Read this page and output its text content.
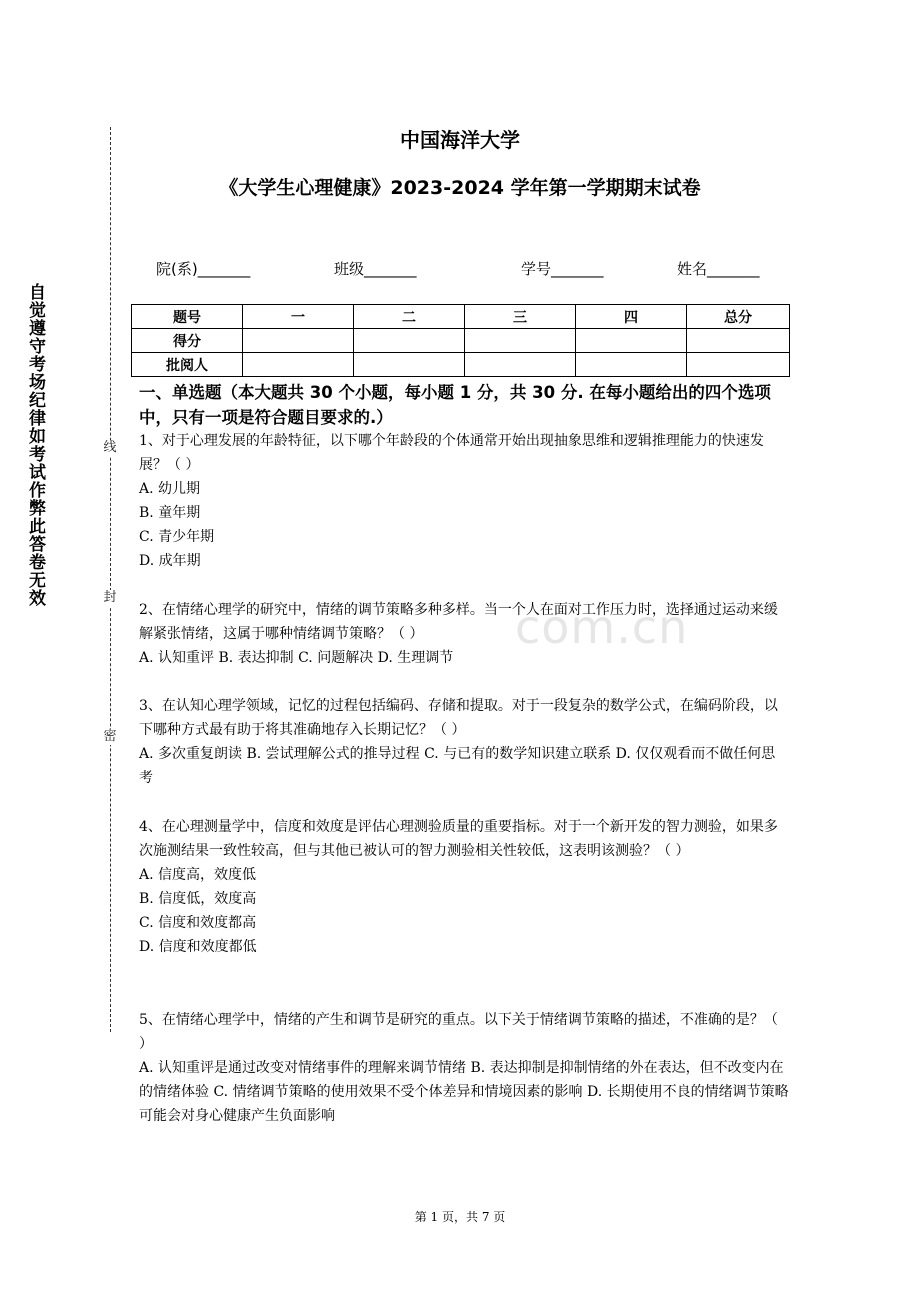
自觉遵守考场纪律如考试作弊此答卷无效	线
封
密
com.cn
中国海洋大学
《大学生心理健康》2023-2024 学年第一学期期末试卷
院(系)_______	班级_______	学号_______	姓名_______
题号	一	二	三	四	总分
得分					
批阅人					
一、单选题（本大题共 30 个小题，每小题 1 分，共 30 分. 在每小题给出的四个选项中，只有一项是符合题目要求的.）

1、对于心理发展的年龄特征，以下哪个年龄段的个体通常开始出现抽象思维和逻辑推理能力的快速发展？（ ）

A. 幼儿期

B. 童年期

C. 青少年期

D. 成年期

2、在情绪心理学的研究中，情绪的调节策略多种多样。当一个人在面对工作压力时，选择通过运动来缓解紧张情绪，这属于哪种情绪调节策略？（ ）

A. 认知重评 B. 表达抑制 C. 问题解决 D. 生理调节

3、在认知心理学领域，记忆的过程包括编码、存储和提取。对于一段复杂的数学公式，在编码阶段，以下哪种方式最有助于将其准确地存入长期记忆？（ ）

A. 多次重复朗读 B. 尝试理解公式的推导过程 C. 与已有的数学知识建立联系 D. 仅仅观看而不做任何思考

4、在心理测量学中，信度和效度是评估心理测验质量的重要指标。对于一个新开发的智力测验，如果多次施测结果一致性较高，但与其他已被认可的智力测验相关性较低，这表明该测验？（ ）

A. 信度高，效度低

B. 信度低，效度高

C. 信度和效度都高

D. 信度和效度都低

5、在情绪心理学中，情绪的产生和调节是研究的重点。以下关于情绪调节策略的描述，不准确的是？（ ）

A. 认知重评是通过改变对情绪事件的理解来调节情绪 B. 表达抑制是抑制情绪的外在表达，但不改变内在的情绪体验 C. 情绪调节策略的使用效果不受个体差异和情境因素的影响 D. 长期使用不良的情绪调节策略可能会对身心健康产生负面影响

第 1 页，共 7 页
